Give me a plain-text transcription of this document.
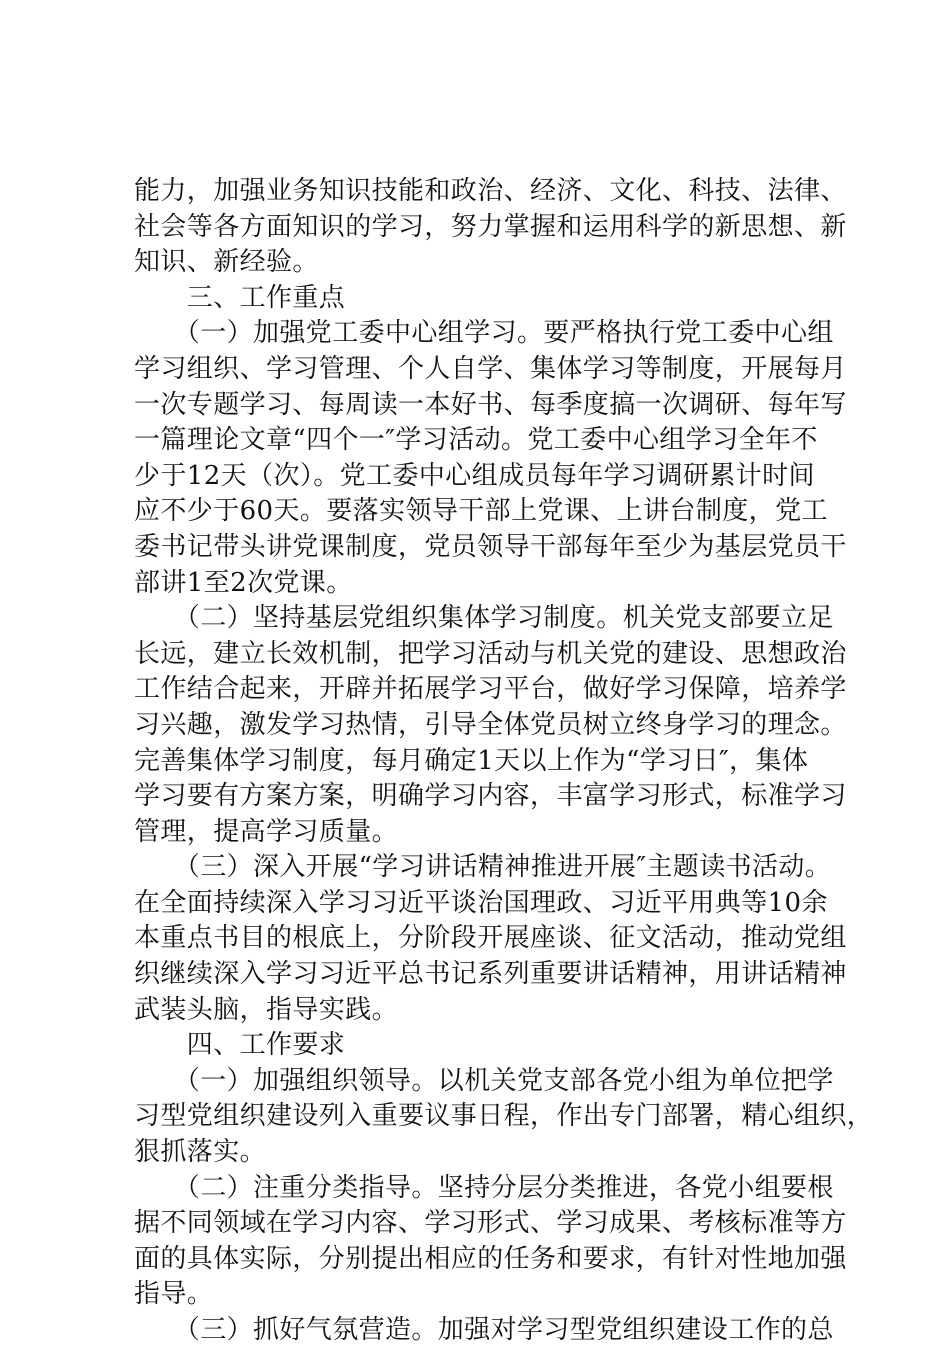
能力，加强业务知识技能和政治、经济、文化、科技、法律、
社会等各方面知识的学习，努力掌握和运用科学的新思想、新
知识、新经验。
　　三、工作重点
　　（一）加强党工委中心组学习。要严格执行党工委中心组
学习组织、学习管理、个人自学、集体学习等制度，开展每月
一次专题学习、每周读一本好书、每季度搞一次调研、每年写
一篇理论文章“四个一″学习活动。党工委中心组学习全年不
少于12天（次）。党工委中心组成员每年学习调研累计时间
应不少于60天。要落实领导干部上党课、上讲台制度，党工
委书记带头讲党课制度，党员领导干部每年至少为基层党员干
部讲1至2次党课。
　　（二）坚持基层党组织集体学习制度。机关党支部要立足
长远，建立长效机制，把学习活动与机关党的建设、思想政治
工作结合起来，开辟并拓展学习平台，做好学习保障，培养学
习兴趣，激发学习热情，引导全体党员树立终身学习的理念。
完善集体学习制度，每月确定1天以上作为“学习日″，集体
学习要有方案方案，明确学习内容，丰富学习形式，标准学习
管理，提高学习质量。
　　（三）深入开展“学习讲话精神推进开展″主题读书活动。
在全面持续深入学习习近平谈治国理政、习近平用典等10余
本重点书目的根底上，分阶段开展座谈、征文活动，推动党组
织继续深入学习习近平总书记系列重要讲话精神，用讲话精神
武装头脑，指导实践。
　　四、工作要求
　　（一）加强组织领导。以机关党支部各党小组为单位把学
习型党组织建设列入重要议事日程，作出专门部署，精心组织，
狠抓落实。
　　（二）注重分类指导。坚持分层分类推进，各党小组要根
据不同领域在学习内容、学习形式、学习成果、考核标准等方
面的具体实际，分别提出相应的任务和要求，有针对性地加强
指导。
　　（三）抓好气氛营造。加强对学习型党组织建设工作的总
